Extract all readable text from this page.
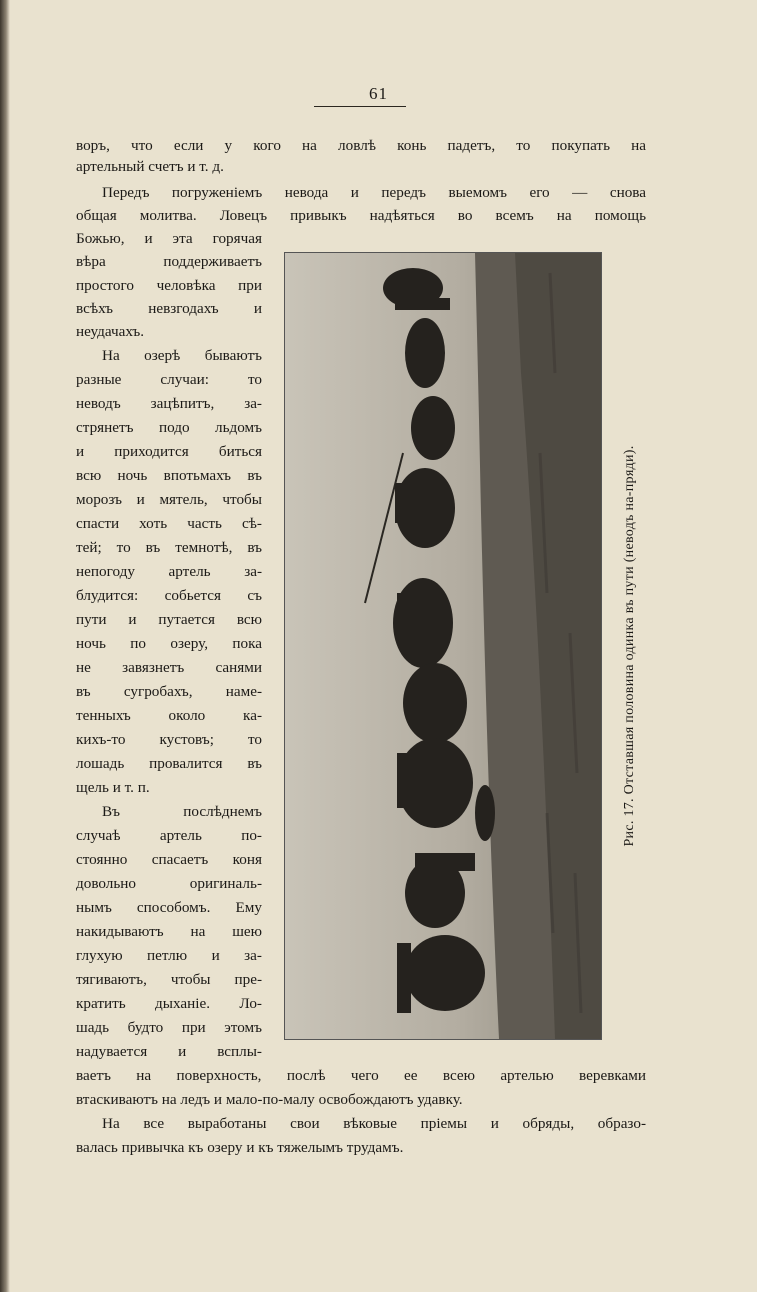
61
воръ, что если у кого на ловлѣ конь падетъ, то покупать на
артельный счетъ и т. д.
Передъ погруженіемъ невода и передъ выемомъ его — снова
общая молитва. Ловецъ привыкъ надѣяться во всемъ на помощь
Божью, и эта горячая
вѣра поддерживаетъ
простого человѣка при
всѣхъ невзгодахъ и
неудачахъ.
На озерѣ бываютъ
разные случаи: то
неводъ зацѣпитъ, за-
стрянетъ подо льдомъ
и приходится биться
всю ночь впотьмахъ въ
морозъ и мятель, чтобы
спасти хоть часть сѣ-
тей; то въ темнотѣ, въ
непогоду артель за-
блудится: собьется съ
пути и путается всю
ночь по озеру, пока
не завязнетъ санями
въ сугробахъ, наме-
тенныхъ около ка-
кихъ-то кустовъ; то
лошадь провалится въ
щель и т. п.
Въ послѣднемъ
случаѣ артель по-
стоянно спасаетъ коня
довольно оригиналь-
нымъ способомъ. Ему
накидываютъ на шею
глухую петлю и за-
тягиваютъ, чтобы пре-
кратить дыханіе. Ло-
шадь будто при этомъ
надувается и всплы-
ваетъ на поверхность, послѣ чего ее всею артелью веревками
втаскиваютъ на ледъ и мало-по-малу освобождаютъ удавку.
На все выработаны свои вѣковые пріемы и обряды, образо-
валась привычка къ озеру и къ тяжелымъ трудамъ.
Рис. 17. Отставшая половина одинка въ пути (неводъ на-пряди).
